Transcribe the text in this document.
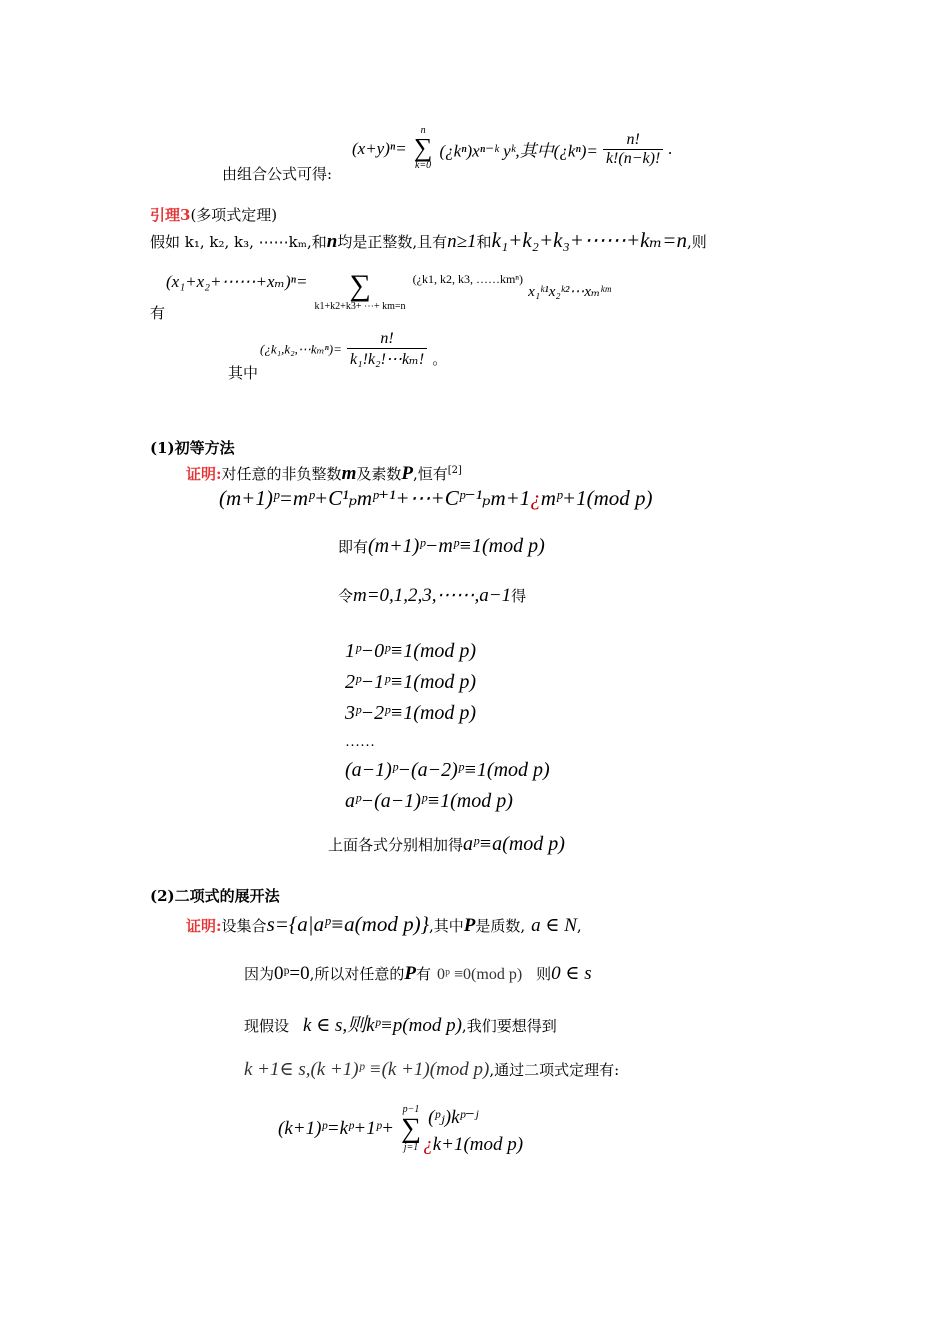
由组合公式可得:
(x+y)ⁿ=
n
∑
k=0
(¿kⁿ)xⁿ⁻ᵏ yᵏ,其中(¿kⁿ)= $\frac{n!}{k!(n-k)!}$ .
引理3(多项式定理)
假如 k₁, k₂, k₃, ⋯⋯kₘ,和n均是正整数,且有n≥1和k₁+k₂+k₃+⋯⋯+kₘ=n,则
有
(x₁+x₂+⋯⋯+xₘ)ⁿ=	∑
k1+k2+k3+ ⋯+ km=n
$^{(¿k1, k2, k3, \dots\dots km^n)}$ x₁ᵏ¹x₂ᵏ²⋯xₘᵏᵐ
其中
(¿k₁,k₂,⋯kₘⁿ)= $\frac{n!}{\text{k₁!k₂!⋯kₘ!}}$ 。
(1)初等方法
证明:对任意的非负整数m及素数P,恒有[2]
(m+1)ᵖ=mᵖ+C¹ₚmᵖ⁺¹+⋯+Cᵖ⁻¹ₚm+1¿mᵖ+1(mod p)
即有(m+1)ᵖ−mᵖ≡1(mod p)
令m=0,1,2,3,⋯⋯,a−1得
1ᵖ−0ᵖ≡1(mod p)
2ᵖ−1ᵖ≡1(mod p)
3ᵖ−2ᵖ≡1(mod p)
……
(a−1)ᵖ−(a−2)ᵖ≡1(mod p)
aᵖ−(a−1)ᵖ≡1(mod p)
上面各式分别相加得aᵖ≡a(mod p)
(2)二项式的展开法
证明:设集合s={a|aᵖ≡a(mod p)},其中P是质数, a ∈ N,
因为0ᵖ=0,所以对任意的P有 0ᵖ ≡0(mod p) 则0 ∈ s
现假设 k ∈ s,则kᵖ≡p(mod p),我们要想得到
k +1∈ s,(k +1)ᵖ ≡(k +1)(mod p),通过二项式定理有:
(k+1)ᵖ=kᵖ+1ᵖ+
p−1
∑
j=1
(ᵖⱼ)kᵖ⁻ʲ ¿k+1(mod p)
